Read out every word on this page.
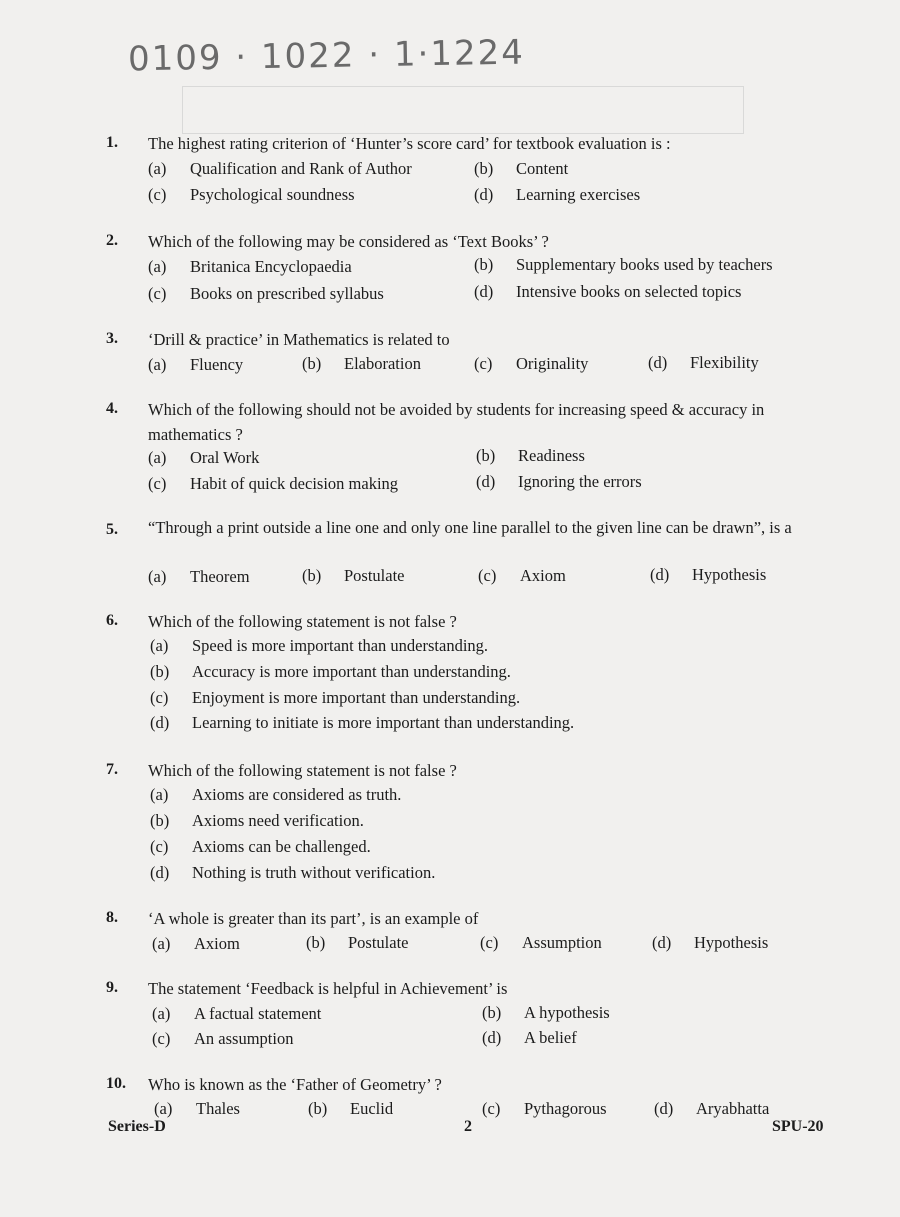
0109 · 1022 · 1·1224
1. The highest rating criterion of ‘Hunter’s score card’ for textbook evaluation is :
(a) Qualification and Rank of Author	(b) Content
(c) Psychological soundness	(d) Learning exercises
2. Which of the following may be considered as ‘Text Books’ ?
(a) Britanica Encyclopaedia	(b) Supplementary books used by teachers
(c) Books on prescribed syllabus	(d) Intensive books on selected topics
3. ‘Drill & practice’ in Mathematics is related to
(a) Fluency	(b) Elaboration	(c) Originality	(d) Flexibility
4. Which of the following should not be avoided by students for increasing speed & accuracy in mathematics ?
(a) Oral Work	(b) Readiness
(c) Habit of quick decision making	(d) Ignoring the errors
5. “Through a print outside a line one and only one line parallel to the given line can be drawn”, is a
(a) Theorem	(b) Postulate	(c) Axiom	(d) Hypothesis
6. Which of the following statement is not false ?
(a) Speed is more important than understanding.
(b) Accuracy is more important than understanding.
(c) Enjoyment is more important than understanding.
(d) Learning to initiate is more important than understanding.
7. Which of the following statement is not false ?
(a) Axioms are considered as truth.
(b) Axioms need verification.
(c) Axioms can be challenged.
(d) Nothing is truth without verification.
8. ‘A whole is greater than its part’, is an example of
(a) Axiom	(b) Postulate	(c) Assumption	(d) Hypothesis
9. The statement ‘Feedback is helpful in Achievement’ is
(a) A factual statement	(b) A hypothesis
(c) An assumption	(d) A belief
10. Who is known as the ‘Father of Geometry’ ?
(a) Thales	(b) Euclid	(c) Pythagorous	(d) Aryabhatta
Series-D	2	SPU-20
